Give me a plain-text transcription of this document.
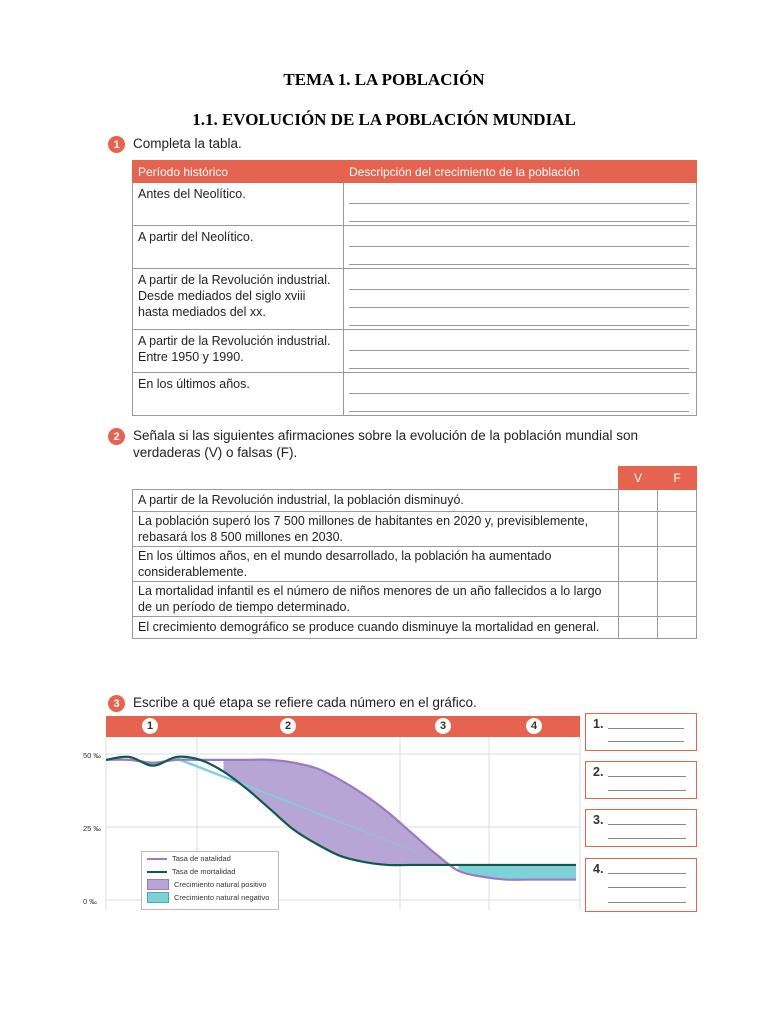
TEMA 1. LA POBLACIÓN
1.1. EVOLUCIÓN DE LA POBLACIÓN MUNDIAL
1 Completa la tabla.
Período histórico	Descripción del crecimiento de la población
Antes del Neolítico.	

A partir del Neolítico.	

A partir de la Revolución industrial. Desde mediados del siglo xviii hasta mediados del xx.	

A partir de la Revolución industrial. Entre 1950 y 1990.	

En los últimos años.	
2 Señala si las siguientes afirmaciones sobre la evolución de la población mundial son verdaderas (V) o falsas (F).
	V	F
A partir de la Revolución industrial, la población disminuyó.		
La población superó los 7 500 millones de habitantes en 2020 y, previsiblemente, rebasará los 8 500 millones en 2030.		
En los últimos años, en el mundo desarrollado, la población ha aumentado considerablemente.		
La mortalidad infantil es el número de niños menores de un año fallecidos a lo largo de un período de tiempo determinado.		
El crecimiento demográfico se produce cuando disminuye la mortalidad en general.		
3 Escribe a qué etapa se refiere cada número en el gráfico.
1	2	3	4
50 ‰
25 ‰
0 ‰
Tasa de natalidad
Tasa de mortalidad
Crecimiento natural positivo
Crecimiento natural negativo
1.
2.
3.
4.
